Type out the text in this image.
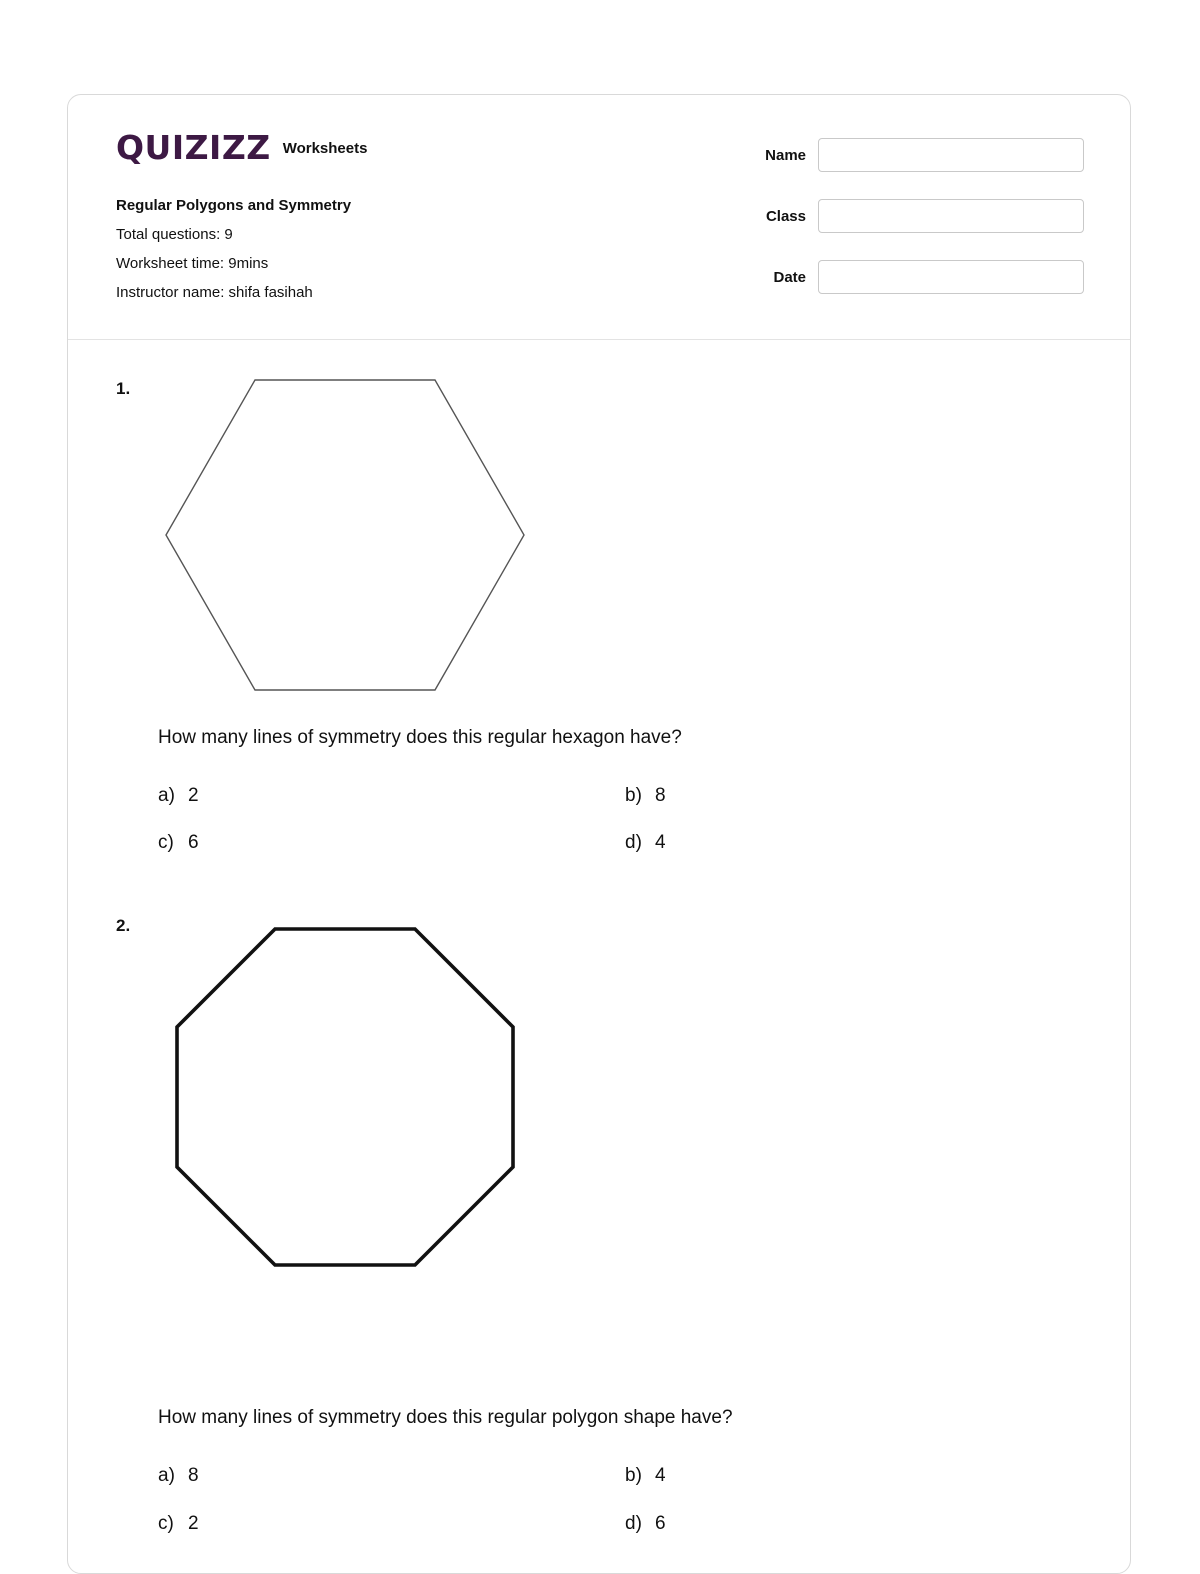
QUIZIZZ Worksheets
Regular Polygons and Symmetry
Total questions: 9
Worksheet time: 9mins
Instructor name: shifa fasihah
Name
Class
Date
1.
How many lines of symmetry does this regular hexagon have?
a) 2	b) 8
c) 6	d) 4
2.
How many lines of symmetry does this regular polygon shape have?
a) 8	b) 4
c) 2	d) 6
